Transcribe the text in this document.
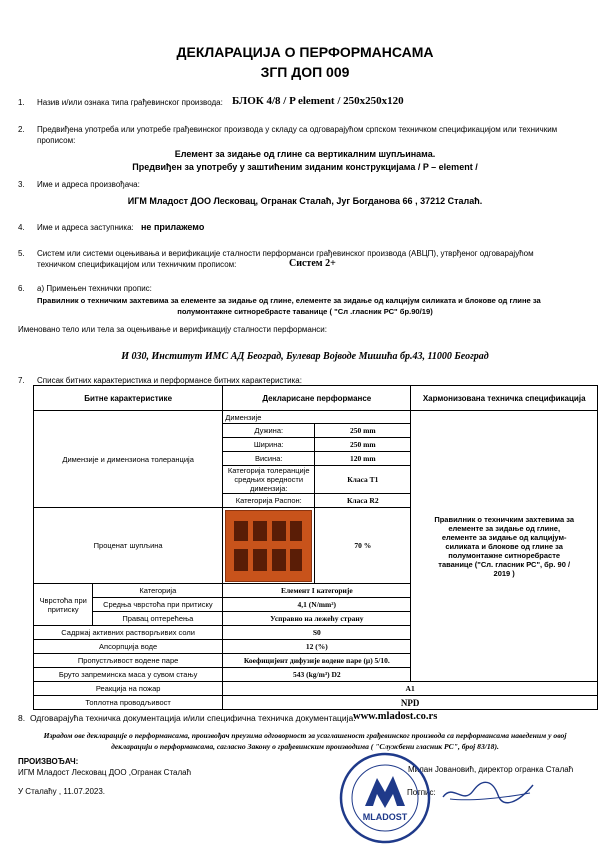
ДЕКЛАРАЦИЈА О ПЕРФОРМАНСАМА
ЗГП ДОП 009
1. Назив и/или ознака типа грађевинског производа: БЛОК 4/8 / P element / 250x250x120
2. Предвиђена употреба или употребе грађевинског производа у складу са одговарајућом српском техничком спецификацијом или техничким
прописом:
Елемент за зидање од глине са вертикалним шупљинама.
Предвиђен за употребу у заштићеним зиданим конструкцијама / P – element /
3. Име и адреса произвођача:
ИГМ Младост ДОО Лесковац, Огранак Сталаћ, Југ Богданова 66 , 37212 Сталаћ.
4. Име и адреса заступника: не прилажемо
5. Систем или системи оцењивања и верификације сталности перформанси грађевинског производа (АВЦП), утврђеног одговарајућом
техничком спецификацијом или техничким прописом:	Систем 2+
6. а) Примењен технички пропис:
Правилник о техничким захтевима за елементе за зидање од глине, елементе за зидање од калцијум силиката и блокове од глине за
полумонтажне ситноребрасте таванице ( "Сл .гласник РС" бр.90/19)
Именовано тело или тела за оцењивање и верификацију сталности перформанси:
И 030, Институт ИМС АД Београд, Булевар Војводе Мишића бр.43, 11000 Београд
7. Списак битних карактеристика и перформансе битних карактеристика:
Битне карактеристике		Декларисане перформансе		Хармонизована техничка спецификација
Димензије и димензиона толеранција		Димензије		Правилник о техничким захтевима за елементе за зидање од глине, елементе за зидање од калцијум-силиката и блокове од глине за полумонтажне ситноребрасте таванице ("Сл. гласник РС", бр. 90 / 2019 )
		Дужина:	250 mm	
		Ширина:	250 mm	
		Висина:	120 mm	
		Категорија толеранције средњих вредности димензија:	Класа T1	
		Категорија Распон:	Класа R2	
Проценат шупљина			70 %	
Чврстоћа при притиску	Категорија	Елемент I категорије		
	Средња чврстоћа при притиску	4,1 (N/mm²)		
	Правац оптерећења	Усправно на лежећу страну		
Садржај активних растворљивих соли		S0		
Апсорпција воде		12 (%)		
Пропустљивост водене паре		Коефицијент дифузије водене паре (μ) 5/10.		
Бруто запреминска маса у сувом стању		543 (kg/m³) D2		
Реакција на пожар		A1		
Топлотна проводљивост		NPD		
8. Одговарајућа техничка документација и/или специфична техничка документација:
www.mladost.co.rs
Израдом ове декларације о перформансама, произвођач преузима одговорност за усаглашеност грађевинског производа са перформансама наведеним у овој
декларацији о перформансама, сагласно Закону о грађевинским производима ( "Службени гласник РС", број 83/18).
ПРОИЗВОЂАЧ:
ИГМ Младост Лесковац ДОО ,Огранак Сталаћ	Милан Јовановић, директор огранка Сталаћ
У Сталаћу , 11.07.2023.	Потпис:
MLADOST
